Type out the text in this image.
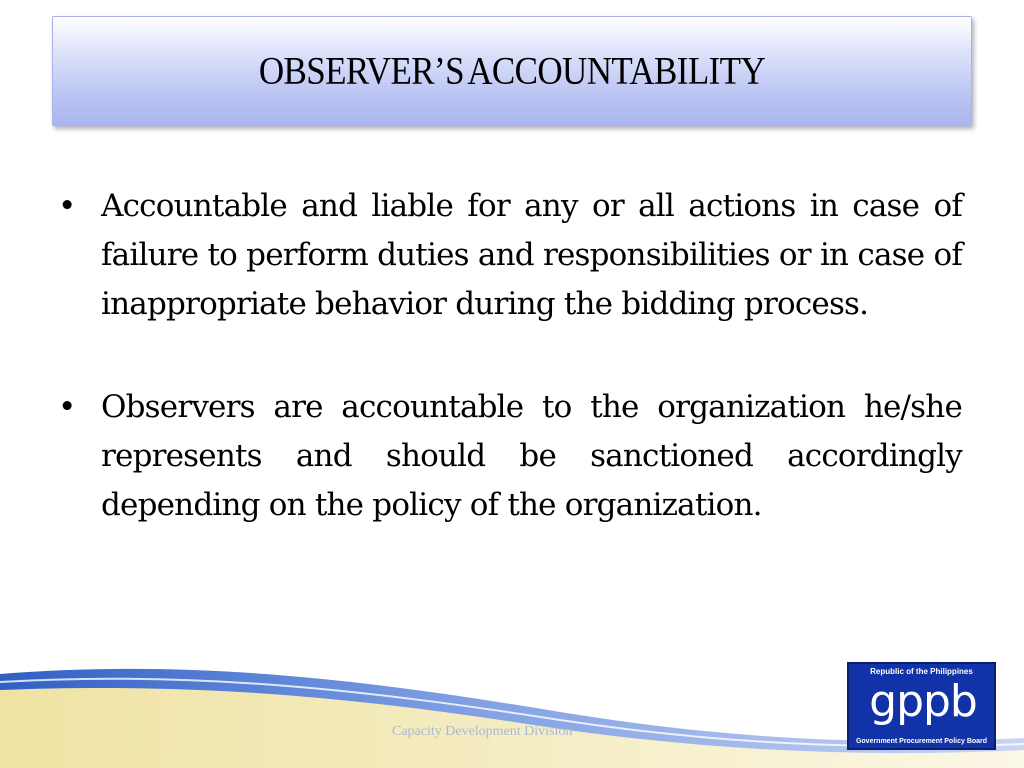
OBSERVER’S ACCOUNTABILITY
• Accountable and liable for any or all actions in case of failure to perform duties and responsibilities or in case of inappropriate behavior during the bidding process.
• Observers are accountable to the organization he/she represents and should be sanctioned accordingly depending on the policy of the organization.
Capacity Development Division
Republic of the Philippines
gppb
Government Procurement Policy Board
